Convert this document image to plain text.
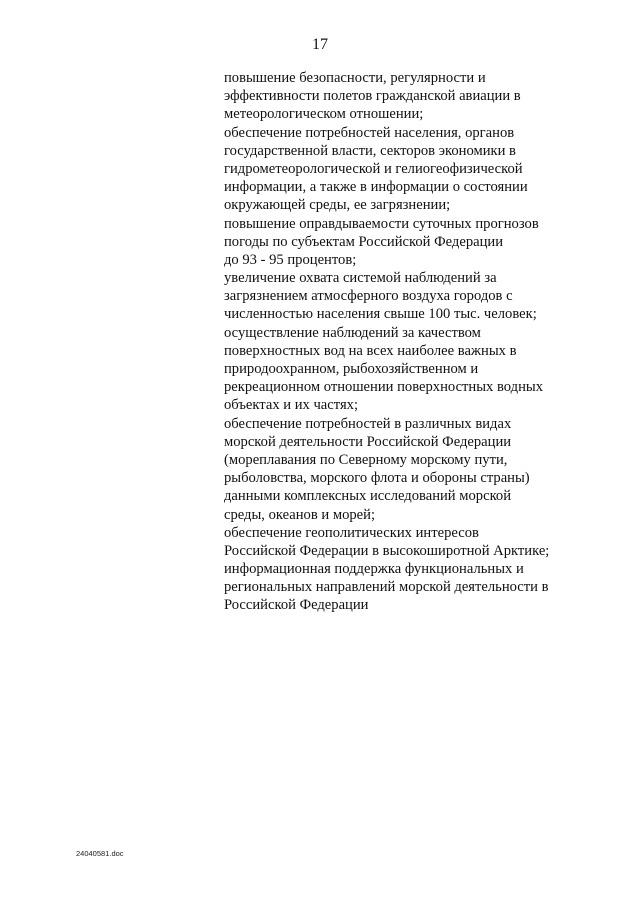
17
повышение безопасности, регулярности и
эффективности полетов гражданской авиации в
метеорологическом отношении;
обеспечение потребностей населения, органов
государственной власти, секторов экономики в
гидрометеорологической и гелиогеофизической
информации, а также в информации о состоянии
окружающей среды, ее загрязнении;
повышение оправдываемости суточных прогнозов
погоды по субъектам Российской Федерации
до 93 - 95 процентов;
увеличение охвата системой наблюдений за
загрязнением атмосферного воздуха городов с
численностью населения свыше 100 тыс. человек;
осуществление наблюдений за качеством
поверхностных вод на всех наиболее важных в
природоохранном, рыбохозяйственном и
рекреационном отношении поверхностных водных
объектах и их частях;
обеспечение потребностей в различных видах
морской деятельности Российской Федерации
(мореплавания по Северному морскому пути,
рыболовства, морского флота и обороны страны)
данными комплексных исследований морской
среды, океанов и морей;
обеспечение геополитических интересов
Российской Федерации в высокоширотной Арктике;
информационная поддержка функциональных и
региональных направлений морской деятельности в
Российской Федерации
24040581.doc
